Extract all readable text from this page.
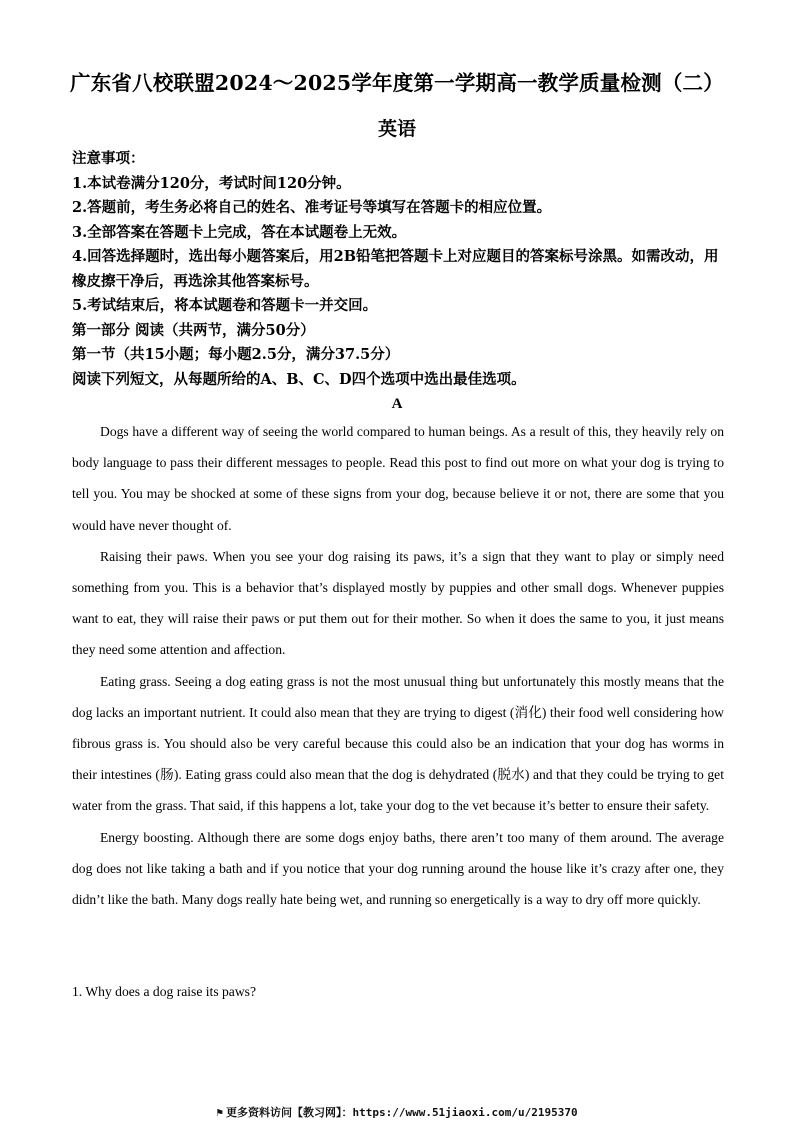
广东省八校联盟2024～2025学年度第一学期高一教学质量检测（二）
英语
注意事项：
1.本试卷满分120分，考试时间120分钟。
2.答题前，考生务必将自己的姓名、准考证号等填写在答题卡的相应位置。
3.全部答案在答题卡上完成，答在本试题卷上无效。
4.回答选择题时，选出每小题答案后，用2B铅笔把答题卡上对应题目的答案标号涂黑。如需改动，用橡皮擦干净后，再选涂其他答案标号。
5.考试结束后，将本试题卷和答题卡一并交回。
第一部分 阅读（共两节，满分50分）
第一节（共15小题；每小题2.5分，满分37.5分）
阅读下列短文，从每题所给的A、B、C、D四个选项中选出最佳选项。
A

Dogs have a different way of seeing the world compared to human beings. As a result of this, they heavily rely on body language to pass their different messages to people. Read this post to find out more on what your dog is trying to tell you. You may be shocked at some of these signs from your dog, because believe it or not, there are some that you would have never thought of.

Raising their paws. When you see your dog raising its paws, it’s a sign that they want to play or simply need something from you. This is a behavior that’s displayed mostly by puppies and other small dogs. Whenever puppies want to eat, they will raise their paws or put them out for their mother. So when it does the same to you, it just means they need some attention and affection.

Eating grass. Seeing a dog eating grass is not the most unusual thing but unfortunately this mostly means that the dog lacks an important nutrient. It could also mean that they are trying to digest (消化) their food well considering how fibrous grass is. You should also be very careful because this could also be an indication that your dog has worms in their intestines (肠). Eating grass could also mean that the dog is dehydrated (脱水) and that they could be trying to get water from the grass. That said, if this happens a lot, take your dog to the vet because it’s better to ensure their safety.

Energy boosting. Although there are some dogs enjoy baths, there aren’t too many of them around. The average dog does not like taking a bath and if you notice that your dog running around the house like it’s crazy after one, they didn’t like the bath. Many dogs really hate being wet, and running so energetically is a way to dry off more quickly.

1. Why does a dog raise its paws?
⚑ 更多资料访问【教习网】：https://www.51jiaoxi.com/u/2195370
